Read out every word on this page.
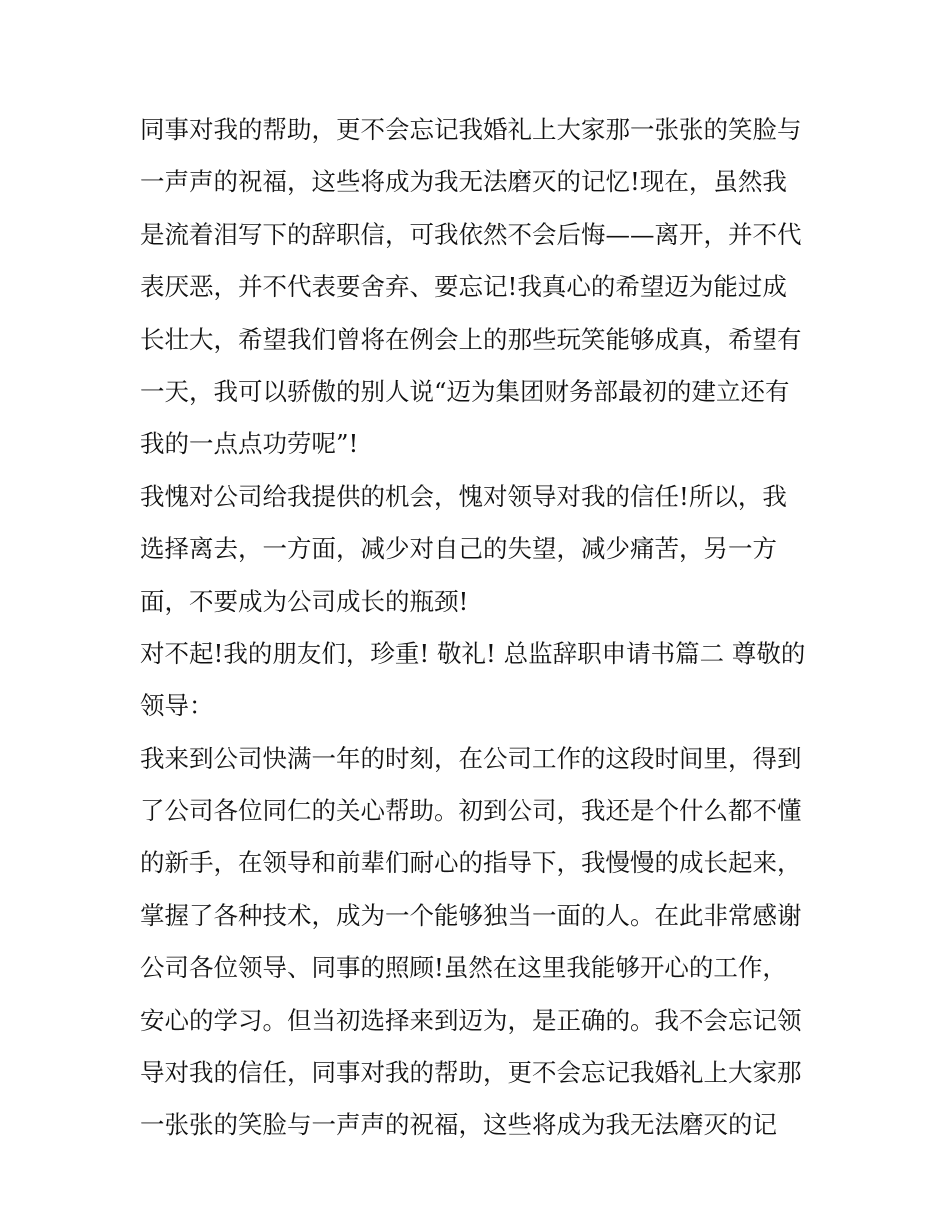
同事对我的帮助，更不会忘记我婚礼上大家那一张张的笑脸与
一声声的祝福，这些将成为我无法磨灭的记忆!现在，虽然我
是流着泪写下的辞职信，可我依然不会后悔——离开，并不代
表厌恶，并不代表要舍弃、要忘记!我真心的希望迈为能过成
长壮大，希望我们曾将在例会上的那些玩笑能够成真，希望有
一天，我可以骄傲的别人说“迈为集团财务部最初的建立还有
我的一点点功劳呢”!
我愧对公司给我提供的机会，愧对领导对我的信任!所以，我
选择离去，一方面，减少对自己的失望，减少痛苦，另一方
面，不要成为公司成长的瓶颈!
对不起!我的朋友们，珍重! 敬礼! 总监辞职申请书篇二 尊敬的
领导：
我来到公司快满一年的时刻，在公司工作的这段时间里，得到
了公司各位同仁的关心帮助。初到公司，我还是个什么都不懂
的新手，在领导和前辈们耐心的指导下，我慢慢的成长起来，
掌握了各种技术，成为一个能够独当一面的人。在此非常感谢
公司各位领导、同事的照顾!虽然在这里我能够开心的工作，
安心的学习。但当初选择来到迈为，是正确的。我不会忘记领
导对我的信任，同事对我的帮助，更不会忘记我婚礼上大家那
一张张的笑脸与一声声的祝福，这些将成为我无法磨灭的记
